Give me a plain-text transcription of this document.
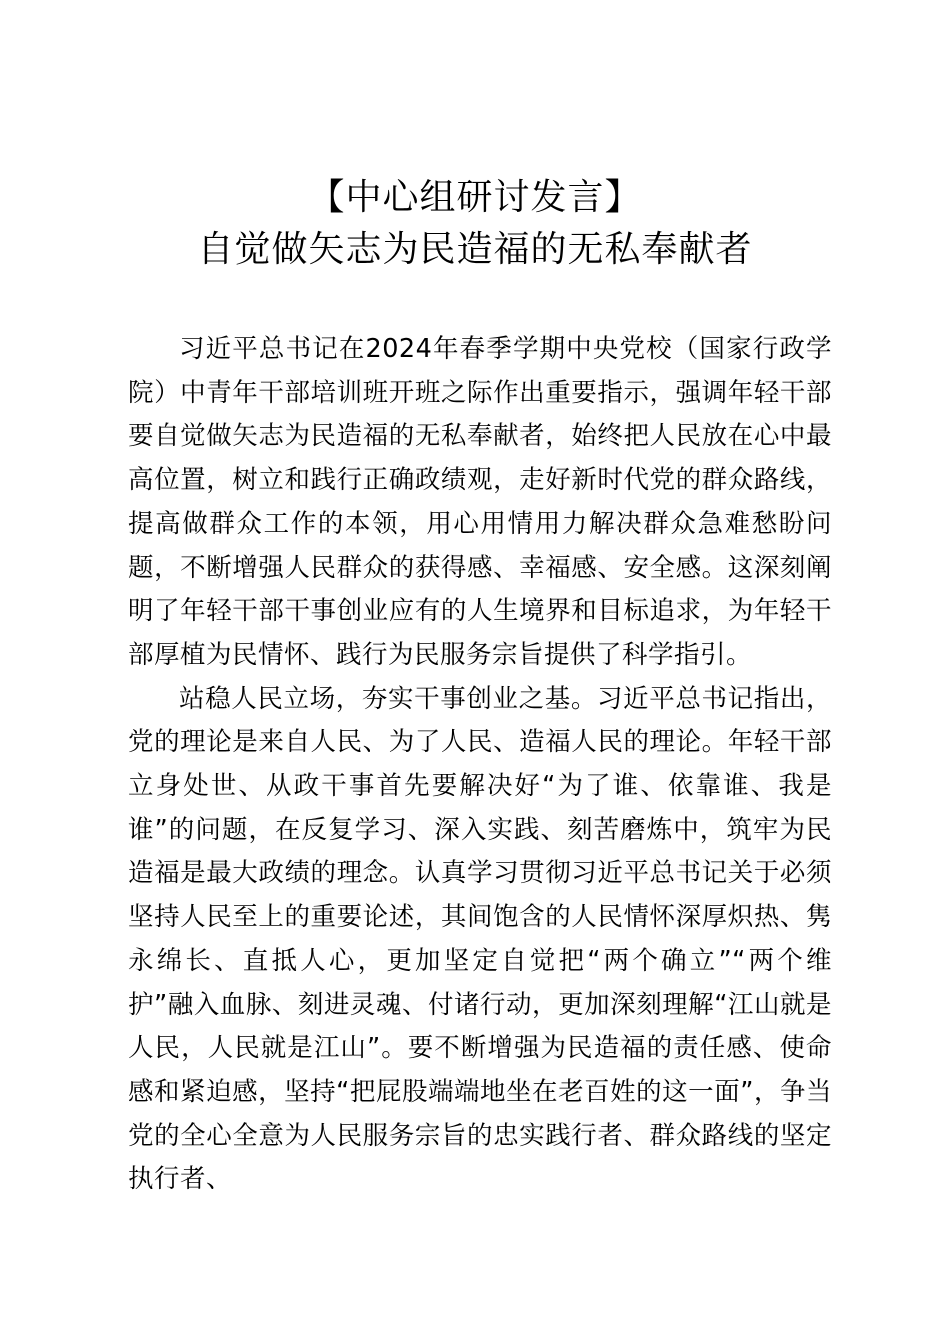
【中心组研讨发言】
自觉做矢志为民造福的无私奉献者

习近平总书记在2024年春季学期中央党校（国家行政学院）中青年干部培训班开班之际作出重要指示，强调年轻干部要自觉做矢志为民造福的无私奉献者，始终把人民放在心中最高位置，树立和践行正确政绩观，走好新时代党的群众路线，提高做群众工作的本领，用心用情用力解决群众急难愁盼问题，不断增强人民群众的获得感、幸福感、安全感。这深刻阐明了年轻干部干事创业应有的人生境界和目标追求，为年轻干部厚植为民情怀、践行为民服务宗旨提供了科学指引。

站稳人民立场，夯实干事创业之基。习近平总书记指出，党的理论是来自人民、为了人民、造福人民的理论。年轻干部立身处世、从政干事首先要解决好“为了谁、依靠谁、我是谁”的问题，在反复学习、深入实践、刻苦磨炼中，筑牢为民造福是最大政绩的理念。认真学习贯彻习近平总书记关于必须坚持人民至上的重要论述，其间饱含的人民情怀深厚炽热、隽永绵长、直抵人心，更加坚定自觉把“两个确立”“两个维护”融入血脉、刻进灵魂、付诸行动，更加深刻理解“江山就是人民，人民就是江山”。要不断增强为民造福的责任感、使命感和紧迫感，坚持“把屁股端端地坐在老百姓的这一面”，争当党的全心全意为人民服务宗旨的忠实践行者、群众路线的坚定执行者、
